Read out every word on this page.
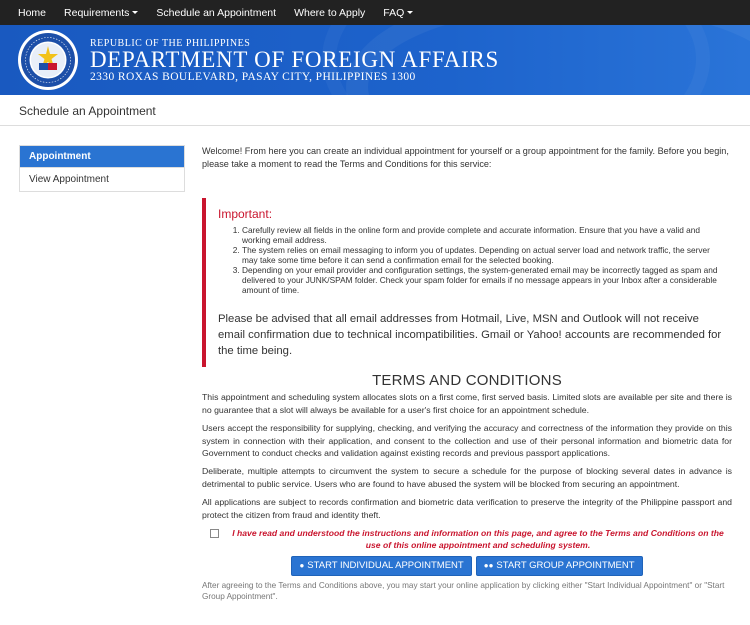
Home Requirements	Schedule an Appointment Where to Apply FAQ
REPUBLIC OF THE PHILIPPINES
DEPARTMENT OF FOREIGN AFFAIRS
2330 ROXAS BOULEVARD, PASAY CITY, PHILIPPINES 1300
Schedule an Appointment
Appointment
View Appointment

Welcome! From here you can create an individual appointment for yourself or a group appointment for the family. Before you begin, please take a moment to read the Terms and Conditions for this service:

Important:
1. Carefully review all fields in the online form and provide complete and accurate information. Ensure that you have a valid and working email address.
2. The system relies on email messaging to inform you of updates. Depending on actual server load and network traffic, the server may take some time before it can send a confirmation email for the selected booking.
3. Depending on your email provider and configuration settings, the system-generated email may be incorrectly tagged as spam and delivered to your JUNK/SPAM folder. Check your spam folder for emails if no message appears in your Inbox after a considerable amount of time.
Please be advised that all email addresses from Hotmail, Live, MSN and Outlook will not receive email confirmation due to technical incompatibilities. Gmail or Yahoo! accounts are recommended for the time being.
TERMS AND CONDITIONS

This appointment and scheduling system allocates slots on a first come, first served basis. Limited slots are available per site and there is no guarantee that a slot will always be available for a user's first choice for an appointment schedule.

Users accept the responsibility for supplying, checking, and verifying the accuracy and correctness of the information they provide on this system in connection with their application, and consent to the collection and use of their personal information and biometric data for Government to conduct checks and validation against existing records and previous passport applications.

Deliberate, multiple attempts to circumvent the system to secure a schedule for the purpose of blocking several dates in advance is detrimental to public service. Users who are found to have abused the system will be blocked from securing an appointment.

All applications are subject to records confirmation and biometric data verification to preserve the integrity of the Philippine passport and protect the citizen from fraud and identity theft.

I have read and understood the instructions and information on this page, and agree to the Terms and Conditions on the use of this online appointment and scheduling system.
● START INDIVIDUAL APPOINTMENT	●● START GROUP APPOINTMENT
After agreeing to the Terms and Conditions above, you may start your online application by clicking either "Start Individual Appointment" or "Start Group Appointment".
